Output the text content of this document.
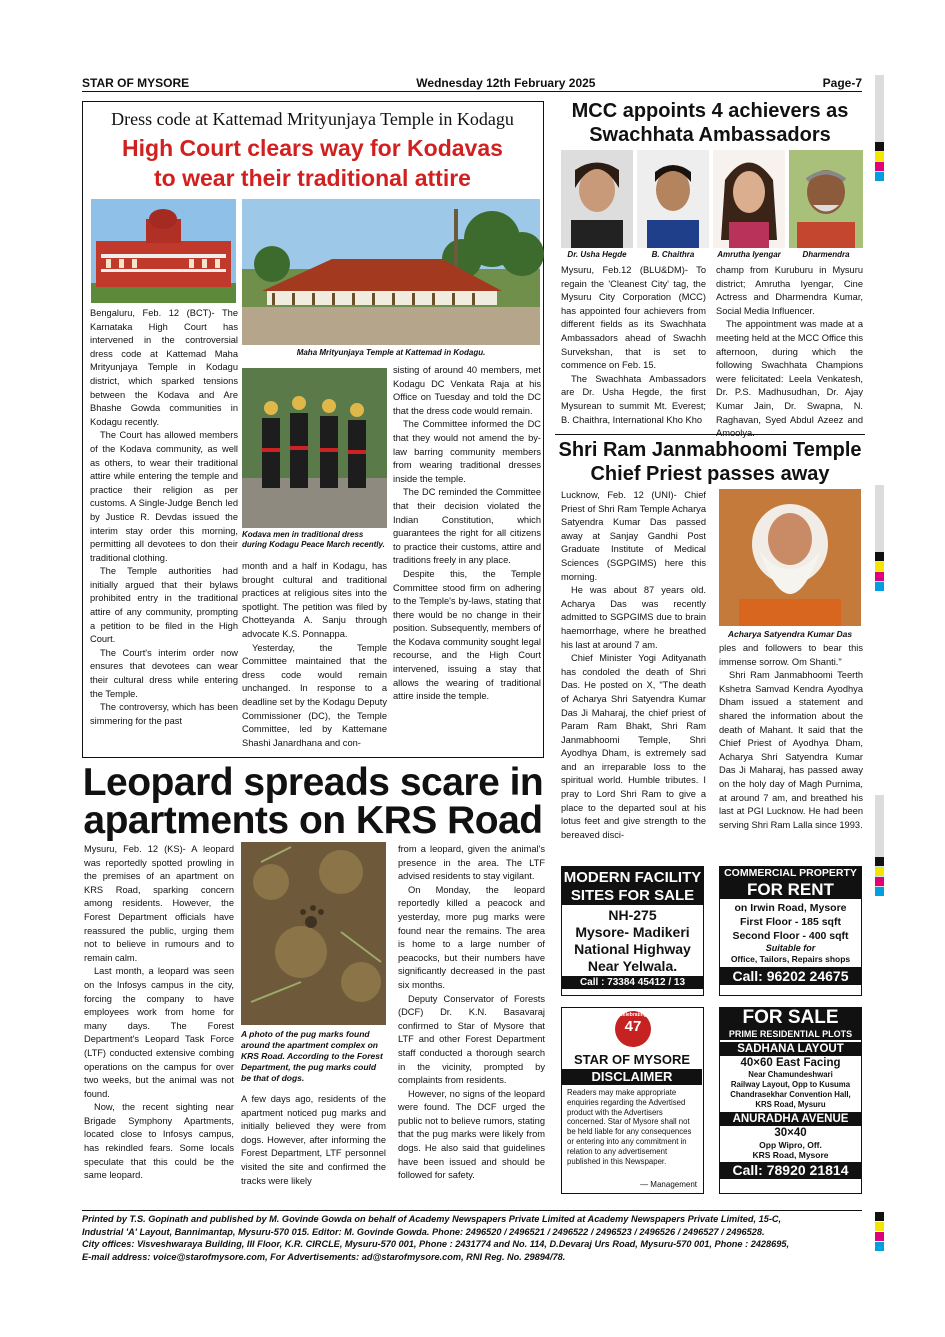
STAR OF MYSORE	Wednesday 12th February 2025	Page-7
Dress code at Kattemad Mrityunjaya Temple in Kodagu
High Court clears way for Kodavas
to wear their traditional attire
Maha Mrityunjaya Temple at Kattemad in Kodagu.
Kodava men in traditional dress during Kodagu Peace March recently.

Bengaluru, Feb. 12 (BCT)- The Karnataka High Court has intervened in the controversial dress code at Kattemad Maha Mrityunjaya Temple in Kodagu district, which sparked tensions between the Kodava and Are Bhashe Gowda communities in Kodagu recently.

The Court has allowed members of the Kodava community, as well as others, to wear their traditional attire while entering the temple and practice their religion as per customs. A Single-Judge Bench led by Justice R. Devdas issued the interim stay order this morning, permitting all devotees to don their traditional clothing.

The Temple authorities had initially argued that their bylaws prohibited entry in the traditional attire of any community, prompting a petition to be filed in the High Court.

The Court's interim order now ensures that devotees can wear their cultural dress while entering the Temple.

The controversy, which has been simmering for the past

month and a half in Kodagu, has brought cultural and traditional practices at religious sites into the spotlight. The petition was filed by Chotteyanda A. Sanju through advocate K.S. Ponnappa.

Yesterday, the Temple Committee maintained that the dress code would remain unchanged. In response to a deadline set by the Kodagu Deputy Commissioner (DC), the Temple Committee, led by Kattemane Shashi Janardhana and con-

sisting of around 40 members, met Kodagu DC Venkata Raja at his Office on Tuesday and told the DC that the dress code would remain.

The Committee informed the DC that they would not amend the by-law barring community members from wearing traditional dresses inside the temple.

The DC reminded the Committee that their decision violated the Indian Constitution, which guarantees the right for all citizens to practice their customs, attire and traditions freely in any place.

Despite this, the Temple Committee stood firm on adhering to the Temple's by-laws, stating that there would be no change in their position. Subsequently, members of the Kodava community sought legal recourse, and the High Court intervened, issuing a stay that allows the wearing of traditional attire inside the temple.

Leopard spreads scare in
apartments on KRS Road

Mysuru, Feb. 12 (KS)- A leopard was reportedly spotted prowling in the premises of an apartment on KRS Road, sparking concern among residents. However, the Forest Department officials have reassured the public, urging them not to believe in rumours and to remain calm.

Last month, a leopard was seen on the Infosys campus in the city, forcing the company to have employees work from home for many days. The Forest Department's Leopard Task Force (LTF) conducted extensive combing operations on the campus for over two weeks, but the animal was not found.

Now, the recent sighting near Brigade Symphony Apartments, located close to Infosys campus, has rekindled fears. Some locals speculate that this could be the same leopard.

A photo of the pug marks found around the apartment complex on KRS Road. According to the Forest Department, the pug marks could be that of dogs.

A few days ago, residents of the apartment noticed pug marks and initially believed they were from dogs. However, after informing the Forest Department, LTF personnel visited the site and confirmed the tracks were likely

from a leopard, given the animal's presence in the area. The LTF advised residents to stay vigilant.

On Monday, the leopard reportedly killed a peacock and yesterday, more pug marks were found near the remains. The area is home to a large number of peacocks, but their numbers have significantly decreased in the past six months.

Deputy Conservator of Forests (DCF) Dr. K.N. Basavaraj confirmed to Star of Mysore that LTF and other Forest Department staff conducted a thorough search in the vicinity, prompted by complaints from residents.

However, no signs of the leopard were found. The DCF urged the public not to believe rumors, stating that the pug marks were likely from dogs. He also said that guidelines have been issued and should be followed for safety.

MCC appoints 4 achievers as
Swachhata Ambassadors
Dr. Usha Hegde	B. Chaithra	Amrutha Iyengar	Dharmendra

Mysuru, Feb.12 (BLU&DM)- To regain the 'Cleanest City' tag, the Mysuru City Corporation (MCC) has appointed four achievers from different fields as its Swachhata Ambassadors ahead of Swachh Survekshan, that is set to commence on Feb. 15.

The Swachhata Ambassadors are Dr. Usha Hegde, the first Mysurean to summit Mt. Everest; B. Chaithra, International Kho Kho

champ from Kuruburu in Mysuru district; Amrutha Iyengar, Cine Actress and Dharmendra Kumar, Social Media Influencer.

The appointment was made at a meeting held at the MCC Office this afternoon, during which the following Swachhata Champions were felicitated: Leela Venkatesh, Dr. P.S. Madhusudhan, Dr. Ajay Kumar Jain, Dr. Swapna, N. Raghavan, Syed Abdul Azeez and Amoolya.

Shri Ram Janmabhoomi Temple
Chief Priest passes away

Lucknow, Feb. 12 (UNI)- Chief Priest of Shri Ram Temple Acharya Satyendra Kumar Das passed away at Sanjay Gandhi Post Graduate Institute of Medical Sciences (SGPGIMS) here this morning.

He was about 87 years old. Acharya Das was recently admitted to SGPGIMS due to brain haemorrhage, where he breathed his last at around 7 am.

Chief Minister Yogi Adityanath has condoled the death of Shri Das. He posted on X, "The death of Acharya Shri Satyendra Kumar Das Ji Maharaj, the chief priest of Param Ram Bhakt, Shri Ram Janmabhoomi Temple, Shri Ayodhya Dham, is extremely sad and an irreparable loss to the spiritual world. Humble tributes. I pray to Lord Shri Ram to give a place to the departed soul at his lotus feet and give strength to the bereaved disci-

Acharya Satyendra Kumar Das

ples and followers to bear this immense sorrow. Om Shanti."

Shri Ram Janmabhoomi Teerth Kshetra Samvad Kendra Ayodhya Dham issued a statement and shared the information about the death of Mahant. It said that the Chief Priest of Ayodhya Dham, Acharya Shri Satyendra Kumar Das Ji Maharaj, has passed away on the holy day of Magh Purnima, at around 7 am, and breathed his last at PGI Lucknow. He had been serving Shri Ram Lalla since 1993.

MODERN FACILITY
SITES FOR SALE
NH-275
Mysore- Madikeri
National Highway
Near Yelwala.
Call : 73384 45412 / 13
COMMERCIAL PROPERTY
FOR RENT
on Irwin Road, Mysore
First Floor - 185 sqft
Second Floor - 400 sqft
Suitable for
Office, Tailors, Repairs shops
Call: 96202 24675
Celebrating
47
STAR OF MYSORE
DISCLAIMER
Readers may make appropriate enquiries regarding the Advertised product with the Advertisers concerned. Star of Mysore shall not be held liable for any consequences or entering into any commitment in relation to any advertisement published in this Newspaper.
— Management
FOR SALE
PRIME RESIDENTIAL PLOTS
SADHANA LAYOUT
40×60 East Facing
Near Chamundeshwari
Railway Layout, Opp to Kusuma
Chandrasekhar Convention Hall,
KRS Road, Mysuru
ANURADHA AVENUE
30×40
Opp Wipro, Off.
KRS Road, Mysore
Call: 78920 21814
Printed by T.S. Gopinath and published by M. Govinde Gowda on behalf of Academy Newspapers Private Limited at Academy Newspapers Private Limited, 15-C,
Industrial 'A' Layout, Bannimantap, Mysuru-570 015. Editor: M. Govinde Gowda. Phone: 2496520 / 2496521 / 2496522 / 2496523 / 2496526 / 2496527 / 2496528.
City offices: Visveshwaraya Building, III Floor, K.R. CIRCLE, Mysuru-570 001, Phone : 2431774 and No. 114, D.Devaraj Urs Road, Mysuru-570 001, Phone : 2428695,
E-mail address: voice@starofmysore.com, For Advertisements: ad@starofmysore.com, RNI Reg. No. 29894/78.
